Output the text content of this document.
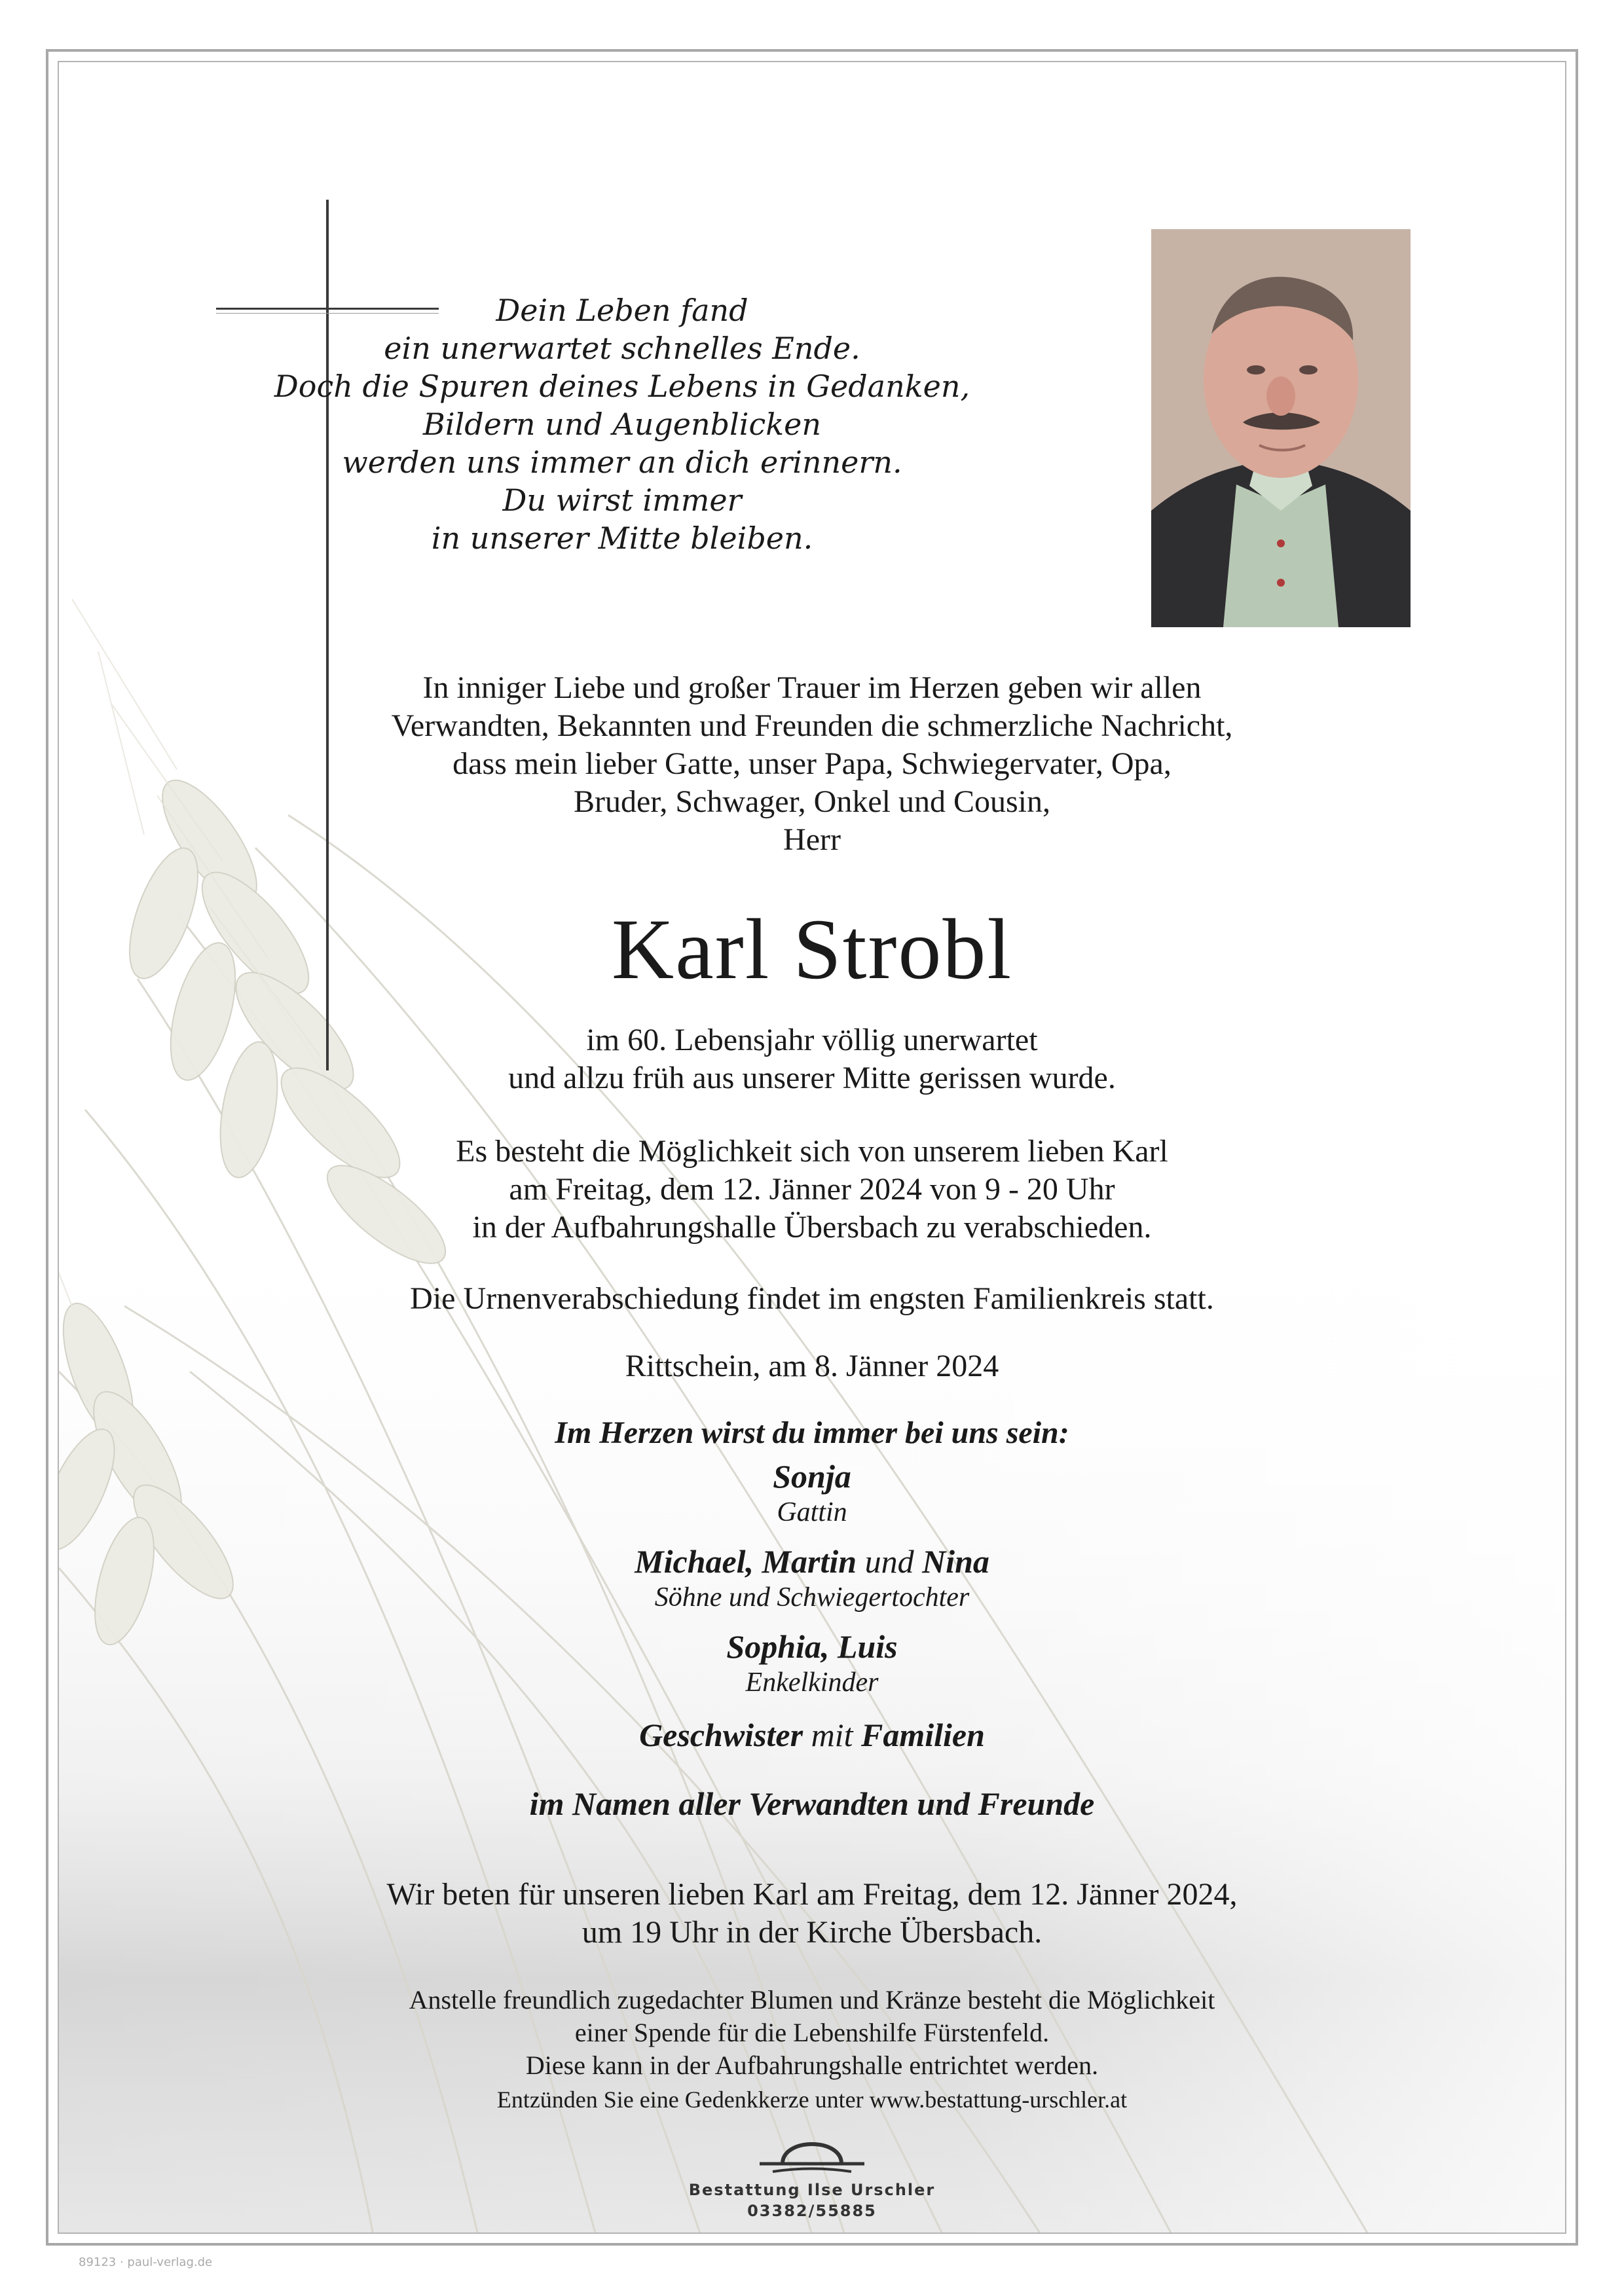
Dein Leben fand
ein unerwartet schnelles Ende.
Doch die Spuren deines Lebens in Gedanken,
Bildern und Augenblicken
werden uns immer an dich erinnern.
Du wirst immer
in unserer Mitte bleiben.
In inniger Liebe und großer Trauer im Herzen geben wir allen
Verwandten, Bekannten und Freunden die schmerzliche Nachricht,
dass mein lieber Gatte, unser Papa, Schwiegervater, Opa,
Bruder, Schwager, Onkel und Cousin,
Herr
Karl Strobl
im 60. Lebensjahr völlig unerwartet
und allzu früh aus unserer Mitte gerissen wurde.
Es besteht die Möglichkeit sich von unserem lieben Karl
am Freitag, dem 12. Jänner 2024 von 9 - 20 Uhr
in der Aufbahrungshalle Übersbach zu verabschieden.
Die Urnenverabschiedung findet im engsten Familienkreis statt.
Rittschein, am 8. Jänner 2024
Im Herzen wirst du immer bei uns sein:
Sonja
Gattin
Michael, Martin und Nina
Söhne und Schwiegertochter
Sophia, Luis
Enkelkinder
Geschwister mit Familien
im Namen aller Verwandten und Freunde
Wir beten für unseren lieben Karl am Freitag, dem 12. Jänner 2024,
um 19 Uhr in der Kirche Übersbach.
Anstelle freundlich zugedachter Blumen und Kränze besteht die Möglichkeit
einer Spende für die Lebenshilfe Fürstenfeld.
Diese kann in der Aufbahrungshalle entrichtet werden.
Entzünden Sie eine Gedenkkerze unter www.bestattung-urschler.at
Bestattung Ilse Urschler
03382/55885
89123 · paul-verlag.de
